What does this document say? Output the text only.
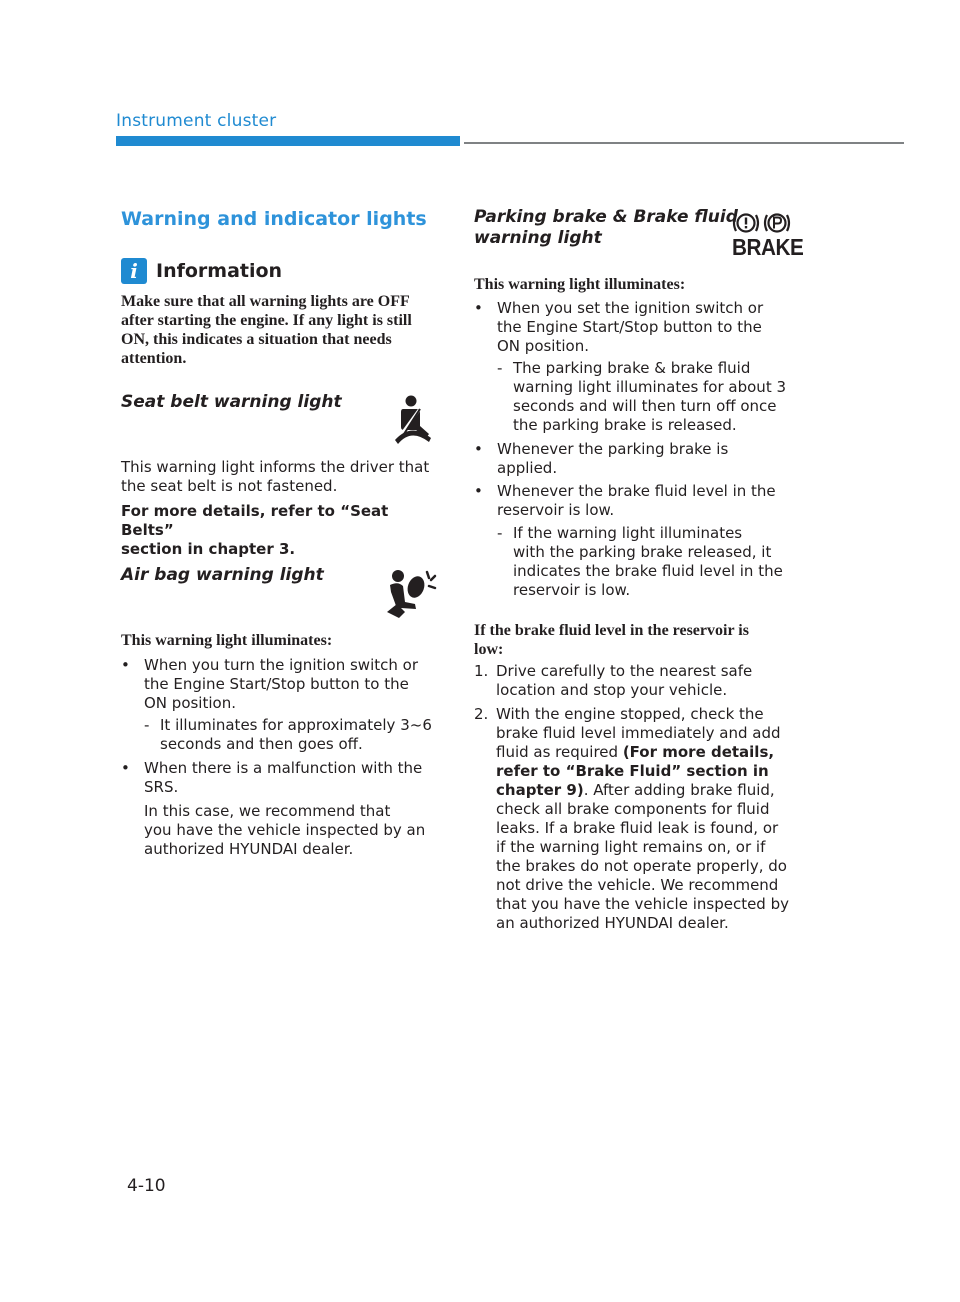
Instrument cluster
Warning and indicator lights
i Information
Make sure that all warning lights are OFF
after starting the engine. If any light is still
ON, this indicates a situation that needs
attention.
Seat belt warning light
This warning light informs the driver that
the seat belt is not fastened.
For more details, refer to “Seat Belts”
section in chapter 3.
Air bag warning light
This warning light illuminates:
• When you turn the ignition switch or
the Engine Start/Stop button to the
ON position.
- It illuminates for approximately 3~6
seconds and then goes off.
• When there is a malfunction with the
SRS.
In this case, we recommend that
you have the vehicle inspected by an
authorized HYUNDAI dealer.
Parking brake & Brake fluid
warning light	BRAKE
This warning light illuminates:
• When you set the ignition switch or
the Engine Start/Stop button to the
ON position.
- The parking brake & brake fluid
warning light illuminates for about 3
seconds and will then turn off once
the parking brake is released.
• Whenever the parking brake is
applied.
• Whenever the brake fluid level in the
reservoir is low.
- If the warning light illuminates
with the parking brake released, it
indicates the brake fluid level in the
reservoir is low.
If the brake fluid level in the reservoir is
low:
1. Drive carefully to the nearest safe
location and stop your vehicle.
2. With the engine stopped, check the
brake fluid level immediately and add
fluid as required (For more details,
refer to “Brake Fluid” section in
chapter 9). After adding brake fluid,
check all brake components for fluid
leaks. If a brake fluid leak is found, or
if the warning light remains on, or if
the brakes do not operate properly, do
not drive the vehicle. We recommend
that you have the vehicle inspected by
an authorized HYUNDAI dealer.
4-10
